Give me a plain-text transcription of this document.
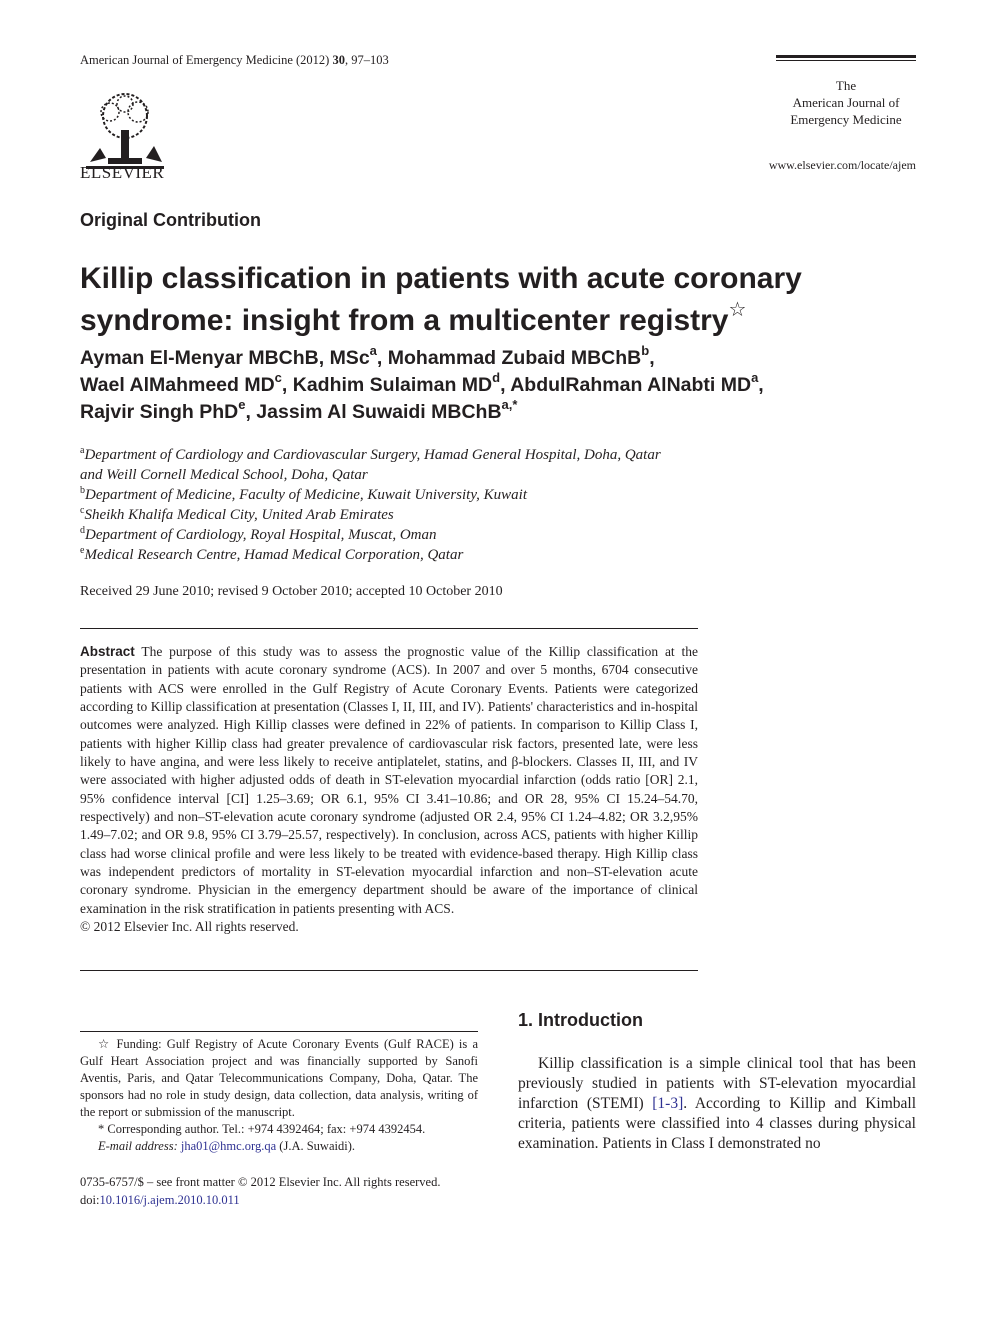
American Journal of Emergency Medicine (2012) 30, 97–103
ELSEVIER
The
American Journal of
Emergency Medicine
www.elsevier.com/locate/ajem
Original Contribution
Killip classification in patients with acute coronary syndrome: insight from a multicenter registry☆
Ayman El-Menyar MBChB, MSc$^a$, Mohammad Zubaid MBChB$^b$,
Wael AlMahmeed $MD^c$, Kadhim Sulaiman $MD^d$, AbdulRahman AlNabti $MD^a$,
Rajvir Singh PhD$^e$, Jassim Al Suwaidi MBChB$^{a,*}$
$^a$Department of Cardiology and Cardiovascular Surgery, Hamad General Hospital, Doha, Qatar
and Weill Cornell Medical School, Doha, Qatar
$^b$Department of Medicine, Faculty of Medicine, Kuwait University, Kuwait
$^c$Sheikh Khalifa Medical City, United Arab Emirates
$^d$Department of Cardiology, Royal Hospital, Muscat, Oman
$^e$Medical Research Centre, Hamad Medical Corporation, Qatar
Received 29 June 2010; revised 9 October 2010; accepted 10 October 2010
Abstract The purpose of this study was to assess the prognostic value of the Killip classification at the presentation in patients with acute coronary syndrome (ACS). In 2007 and over 5 months, 6704 consecutive patients with ACS were enrolled in the Gulf Registry of Acute Coronary Events. Patients were categorized according to Killip classification at presentation (Classes I, II, III, and IV). Patients' characteristics and in-hospital outcomes were analyzed. High Killip classes were defined in 22% of patients. In comparison to Killip Class I, patients with higher Killip class had greater prevalence of cardiovascular risk factors, presented late, were less likely to have angina, and were less likely to receive antiplatelet, statins, and β-blockers. Classes II, III, and IV were associated with higher adjusted odds of death in ST-elevation myocardial infarction (odds ratio [OR] 2.1, 95% confidence interval [CI] 1.25–3.69; OR 6.1, 95% CI 3.41–10.86; and OR 28, 95% CI 15.24–54.70, respectively) and non–ST-elevation acute coronary syndrome (adjusted OR 2.4, 95% CI 1.24–4.82; OR 3.2,95% 1.49–7.02; and OR 9.8, 95% CI 3.79–25.57, respectively). In conclusion, across ACS, patients with higher Killip class had worse clinical profile and were less likely to be treated with evidence-based therapy. High Killip class was independent predictors of mortality in ST-elevation myocardial infarction and non–ST-elevation acute coronary syndrome. Physician in the emergency department should be aware of the importance of clinical examination in the risk stratification in patients presenting with ACS.
© 2012 Elsevier Inc. All rights reserved.
☆ Funding: Gulf Registry of Acute Coronary Events (Gulf RACE) is a Gulf Heart Association project and was financially supported by Sanofi Aventis, Paris, and Qatar Telecommunications Company, Doha, Qatar. The sponsors had no role in study design, data collection, data analysis, writing of the report or submission of the manuscript.
* Corresponding author. Tel.: +974 4392464; fax: +974 4392454.
E-mail address: jha01@hmc.org.qa (J.A. Suwaidi).
0735-6757/$ – see front matter © 2012 Elsevier Inc. All rights reserved.
doi:10.1016/j.ajem.2010.10.011
1. Introduction
Killip classification is a simple clinical tool that has been previously studied in patients with ST-elevation myocardial infarction (STEMI) [1-3]. According to Killip and Kimball criteria, patients were classified into 4 classes during physical examination. Patients in Class I demonstrated no
